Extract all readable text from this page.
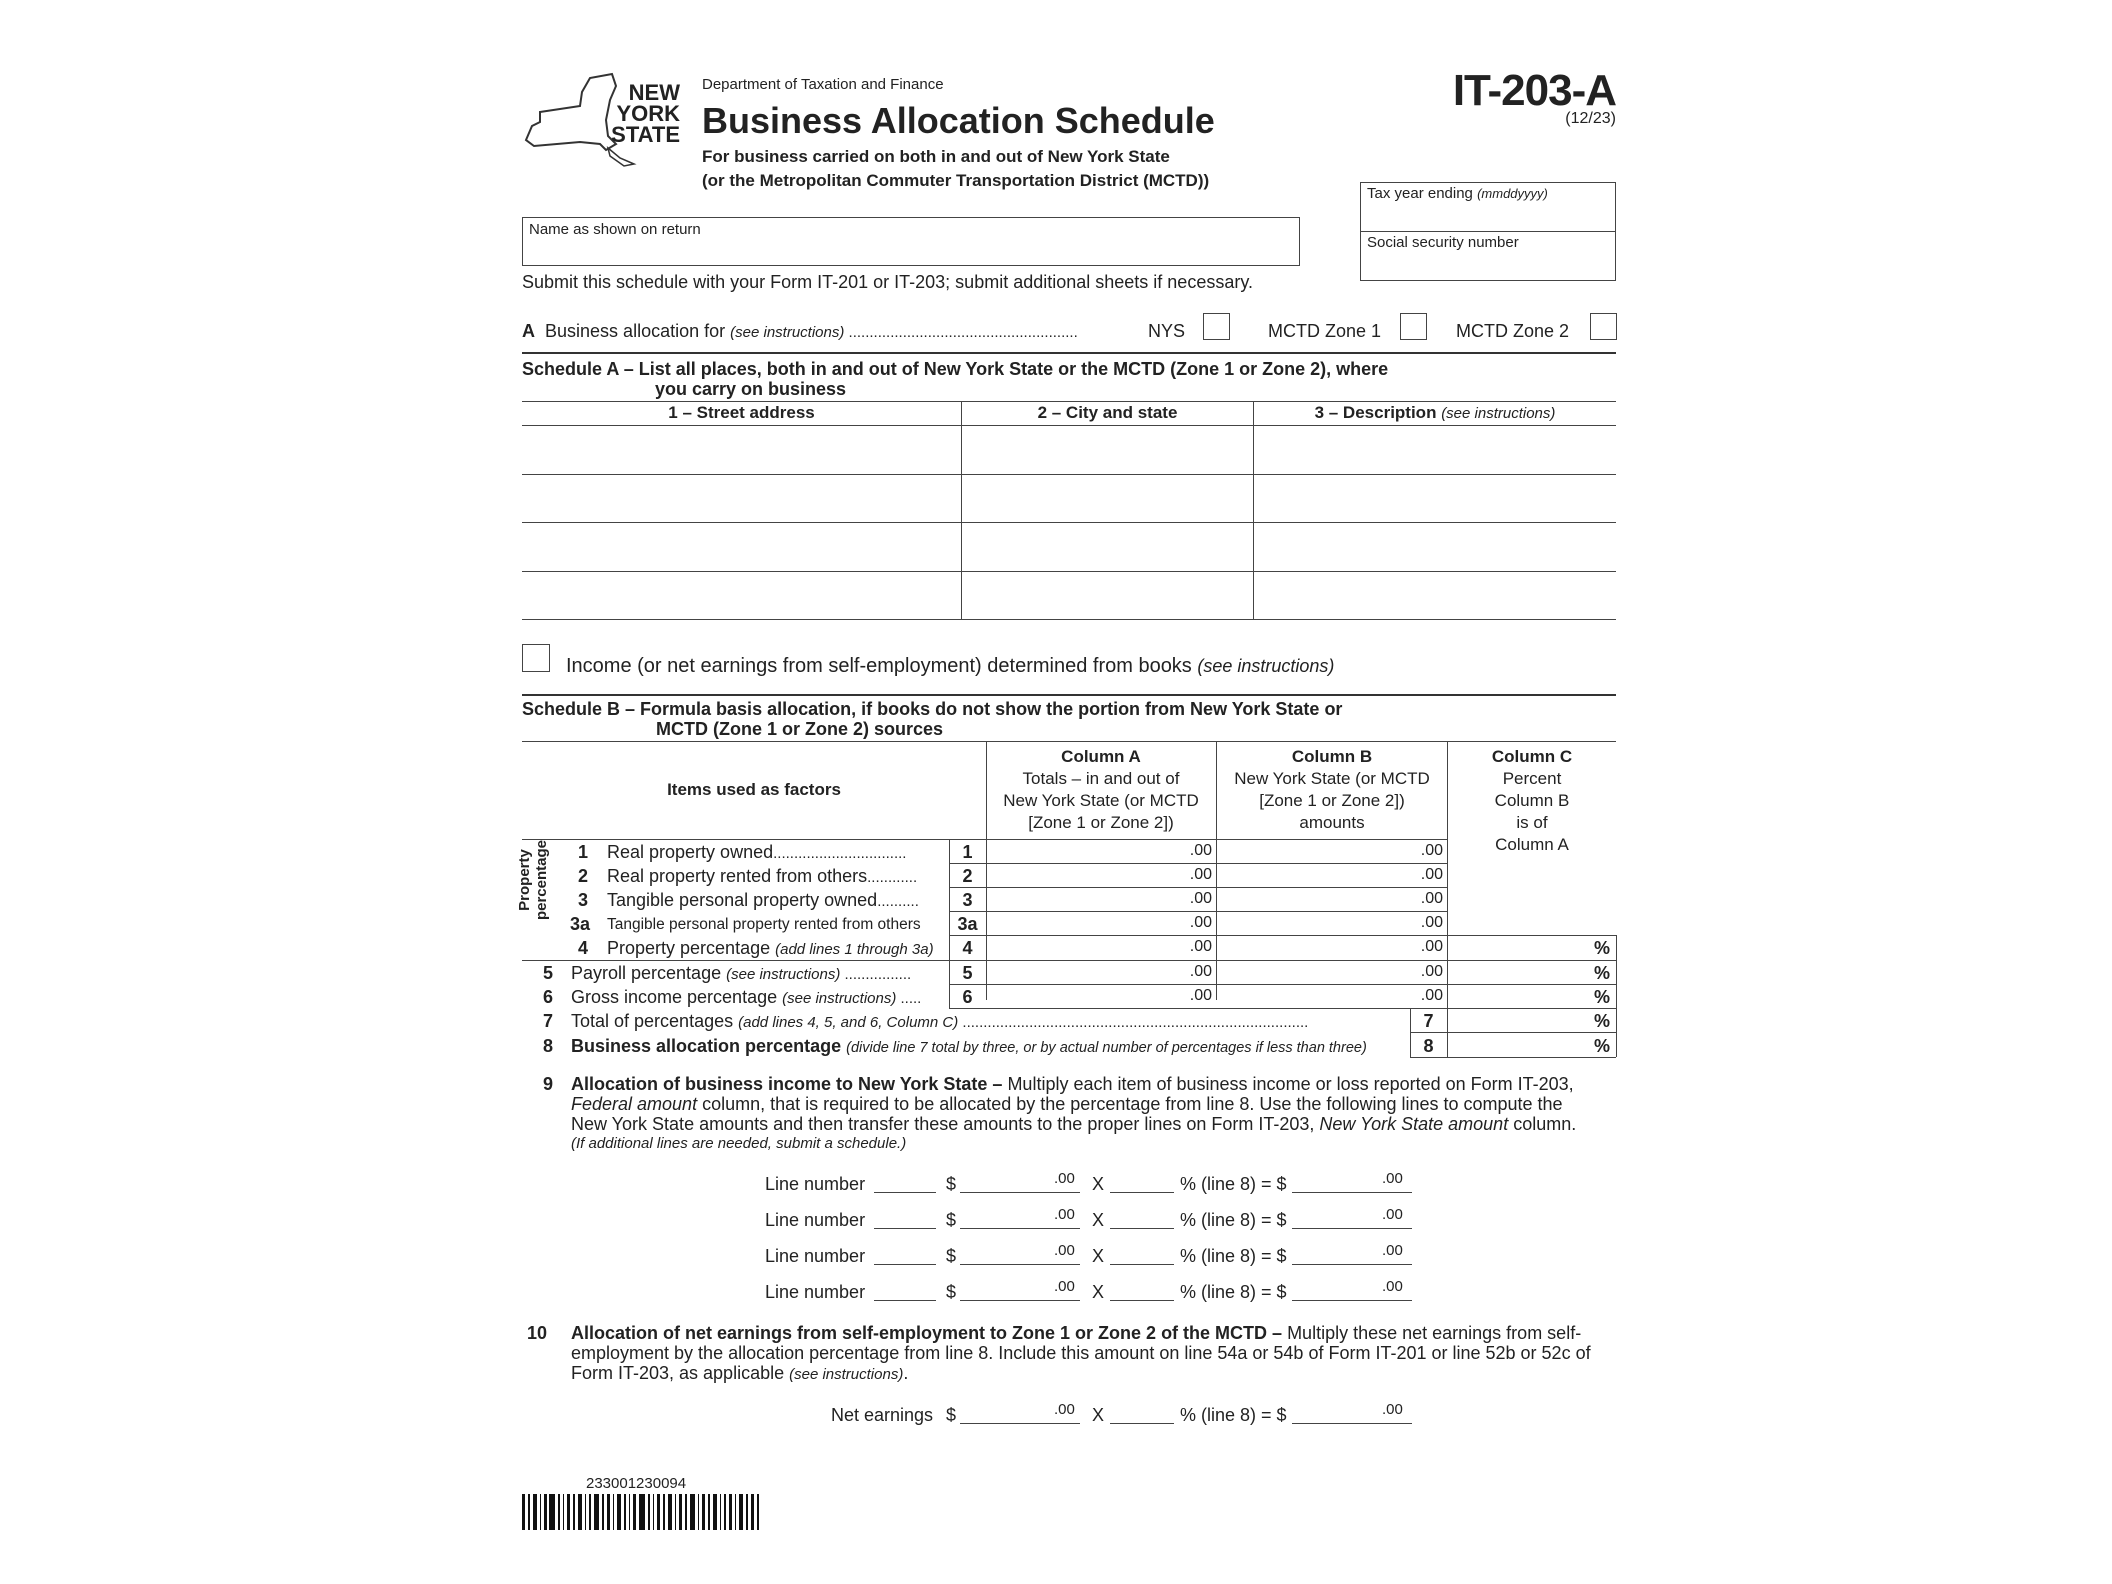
NEW
YORK
STATE
Department of Taxation and Finance
Business Allocation Schedule
For business carried on both in and out of New York State
(or the Metropolitan Commuter Transportation District (MCTD))
IT-203-A
(12/23)
Name as shown on return
Tax year ending (mmddyyyy)
Social security number
Submit this schedule with your Form IT-201 or IT-203; submit additional sheets if necessary.
A Business allocation for (see instructions) .......................................................	NYS	MCTD Zone 1	MCTD Zone 2
Schedule A – List all places, both in and out of New York State or the MCTD (Zone 1 or Zone 2), where
you carry on business
1 – Street address	2 – City and state	3 – Description (see instructions)
Income (or net earnings from self-employment) determined from books (see instructions)
Schedule B – Formula basis allocation, if books do not show the portion from New York State or
MCTD (Zone 1 or Zone 2) sources
Items used as factors
Column A
Totals – in and out of
New York State (or MCTD
[Zone 1 or Zone 2])
Column B
New York State (or MCTD
[Zone 1 or Zone 2])
amounts
Column C
Percent
Column B
is of
Column A
Property percentage 1 Real property owned................................	1	.00	.00
2 Real property rented from others............	2	.00	.00
3 Tangible personal property owned..........	3	.00	.00
3a Tangible personal property rented from others	3a	.00	.00
4 Property percentage (add lines 1 through 3a)	4	.00	.00	%
5 Payroll percentage (see instructions) ................	5	.00	.00	%
6 Gross income percentage (see instructions) .....	6	.00	.00	%
7 Total of percentages (add lines 4, 5, and 6, Column C) ...................................................................................	7	%
8 Business allocation percentage (divide line 7 total by three, or by actual number of percentages if less than three)	8	%
9 Allocation of business income to New York State – Multiply each item of business income or loss reported on Form IT-203,
Federal amount column, that is required to be allocated by the percentage from line 8. Use the following lines to compute the
New York State amounts and then transfer these amounts to the proper lines on Form IT-203, New York State amount column.
(If additional lines are needed, submit a schedule.)
Line number	$	.00 X	% (line 8) = $	.00
Line number	$	.00 X	% (line 8) = $	.00
Line number	$	.00 X	% (line 8) = $	.00
Line number	$	.00 X	% (line 8) = $	.00
10 Allocation of net earnings from self-employment to Zone 1 or Zone 2 of the MCTD – Multiply these net earnings from self-
employment by the allocation percentage from line 8. Include this amount on line 54a or 54b of Form IT-201 or line 52b or 52c of
Form IT-203, as applicable (see instructions).
Net earnings $	.00 X	% (line 8) = $	.00
233001230094
